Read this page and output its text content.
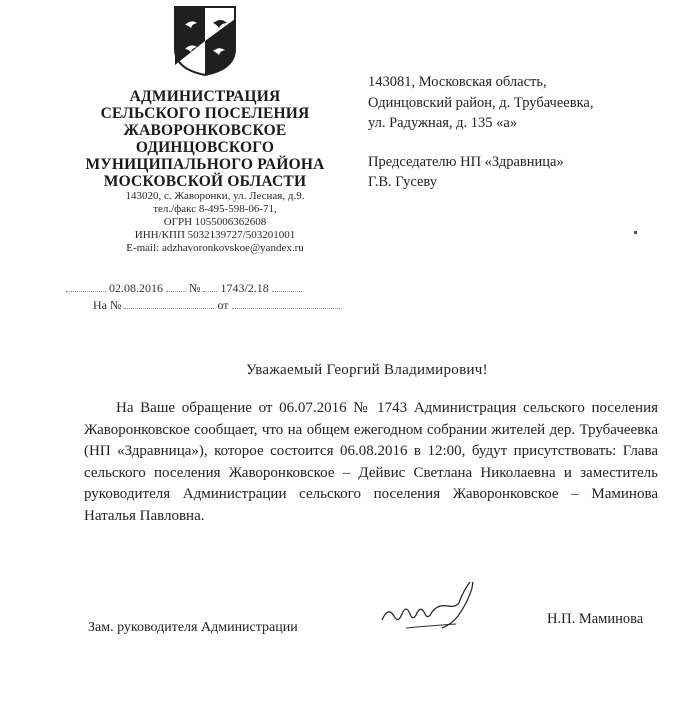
АДМИНИСТРАЦИЯ
СЕЛЬСКОГО ПОСЕЛЕНИЯ
ЖАВОРОНКОВСКОЕ
ОДИНЦОВСКОГО
МУНИЦИПАЛЬНОГО РАЙОНА
МОСКОВСКОЙ ОБЛАСТИ
143020, с. Жаворонки, ул. Лесная, д.9.
тел./факс 8-495-598-06-71,
ОГРН 1055006362608
ИНН/КПП 5032139727/503201001
E-mail: adzhavoronkovskoe@yandex.ru
02.08.2016 № 1743/2.18
На №	от
143081, Московская область,
Одинцовский район, д. Трубачеевка,
ул. Радужная, д. 135 «а»
Председателю НП «Здравница»
Г.В. Гусеву
Уважаемый Георгий Владимирович!
На Ваше обращение от 06.07.2016 № 1743 Администрация сельского поселения Жаворонковское сообщает, что на общем ежегодном собрании жителей дер. Трубачеевка (НП «Здравница»), которое состоится 06.08.2016 в 12:00, будут присутствовать: Глава сельского поселения Жаворонковское – Дейвис Светлана Николаевна и заместитель руководителя Администрации сельского поселения Жаворонковское – Маминова Наталья Павловна.
Зам. руководителя Администрации
Н.П. Маминова
